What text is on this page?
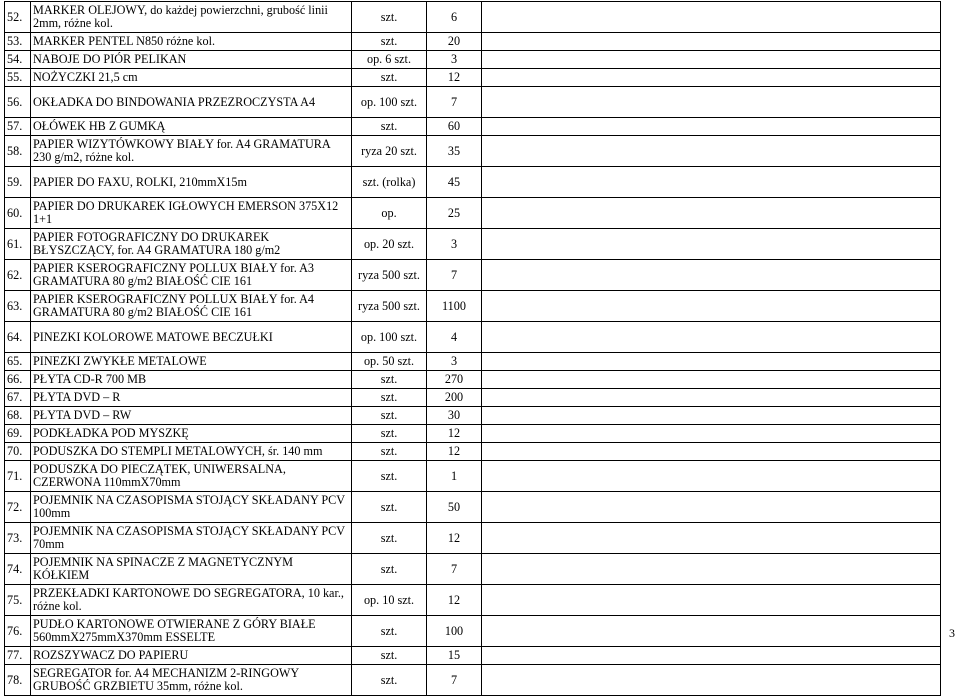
52.	MARKER OLEJOWY, do każdej powierzchni, grubość linii 2mm, różne kol.	szt.	6	
53.	MARKER PENTEL N850 różne kol.	szt.	20	
54.	NABOJE DO PIÓR PELIKAN	op. 6 szt.	3	
55.	NOŻYCZKI 21,5 cm	szt.	12	
56.	OKŁADKA DO BINDOWANIA PRZEZROCZYSTA A4	op. 100 szt.	7	
57.	OŁÓWEK HB Z GUMKĄ	szt.	60	
58.	PAPIER WIZYTÓWKOWY BIAŁY for. A4 GRAMATURA 230 g/m2, różne kol.	ryza 20 szt.	35	
59.	PAPIER DO FAXU, ROLKI, 210mmX15m	szt. (rolka)	45	
60.	PAPIER DO DRUKAREK IGŁOWYCH EMERSON 375X12 1+1	op.	25	
61.	PAPIER FOTOGRAFICZNY DO DRUKAREK BŁYSZCZĄCY, for. A4 GRAMATURA 180 g/m2	op. 20 szt.	3	
62.	PAPIER KSEROGRAFICZNY POLLUX BIAŁY for. A3 GRAMATURA 80 g/m2 BIAŁOŚĆ CIE 161	ryza 500 szt.	7	
63.	PAPIER KSEROGRAFICZNY POLLUX BIAŁY for. A4 GRAMATURA 80 g/m2 BIAŁOŚĆ CIE 161	ryza 500 szt.	1100	
64.	PINEZKI KOLOROWE MATOWE BECZUŁKI	op. 100 szt.	4	
65.	PINEZKI ZWYKŁE METALOWE	op. 50 szt.	3	
66.	PŁYTA CD-R 700 MB	szt.	270	
67.	PŁYTA DVD – R	szt.	200	
68.	PŁYTA DVD – RW	szt.	30	
69.	PODKŁADKA POD MYSZKĘ	szt.	12	
70.	PODUSZKA DO STEMPLI METALOWYCH, śr. 140 mm	szt.	12	
71.	PODUSZKA DO PIECZĄTEK, UNIWERSALNA, CZERWONA 110mmX70mm	szt.	1	
72.	POJEMNIK NA CZASOPISMA STOJĄCY SKŁADANY PCV 100mm	szt.	50	
73.	POJEMNIK NA CZASOPISMA STOJĄCY SKŁADANY PCV 70mm	szt.	12	
74.	POJEMNIK NA SPINACZE Z MAGNETYCZNYM KÓŁKIEM	szt.	7	
75.	PRZEKŁADKI KARTONOWE DO SEGREGATORA, 10 kar., różne kol.	op. 10 szt.	12	
76.	PUDŁO KARTONOWE OTWIERANE Z GÓRY BIAŁE 560mmX275mmX370mm ESSELTE	szt.	100	
77.	ROZSZYWACZ DO PAPIERU	szt.	15	
78.	SEGREGATOR for. A4 MECHANIZM 2-RINGOWY GRUBOŚĆ GRZBIETU 35mm, różne kol.	szt.	7	
3
